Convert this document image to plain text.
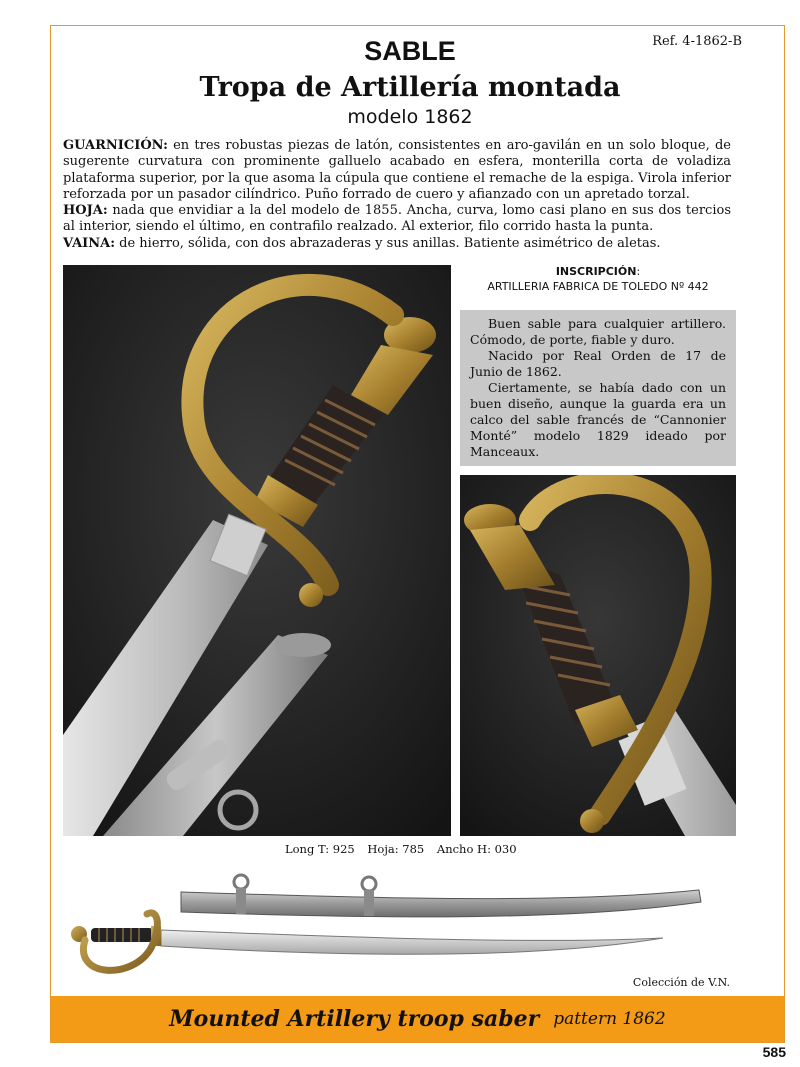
Ref. 4-1862-B
SABLE
Tropa de Artillería montada
modelo 1862

GUARNICIÓN: en tres robustas piezas de latón, consistentes en aro-gavilán en un solo bloque, de sugerente curvatura con prominente galluelo acabado en esfera, monterilla corta de voladiza plataforma superior, por la que asoma la cúpula que contiene el remache de la espiga. Virola inferior reforzada por un pasador cilíndrico. Puño forrado de cuero y afianzado con un apretado torzal.

HOJA: nada que envidiar a la del modelo de 1855. Ancha, curva, lomo casi plano en sus dos tercios al interior, siendo el último, en contrafilo realzado. Al exterior, filo corrido hasta la punta.

VAINA: de hierro, sólida, con dos abrazaderas y sus anillas. Batiente asimétrico de aletas.

INSCRIPCIÓN:
ARTILLERIA FABRICA DE TOLEDO Nº 442

Buen sable para cualquier artillero. Cómodo, de porte, fiable y duro.

Nacido por Real Orden de 17 de Junio de 1862.

Ciertamente, se había dado con un buen diseño, aunque la guarda era un calco del sable francés de “Cannonier Monté” modelo 1829 ideado por Manceaux.

Long T: 925 Hoja: 785 Ancho H: 030
Colección de V.N.
Mounted Artillery troop saber pattern 1862
585
